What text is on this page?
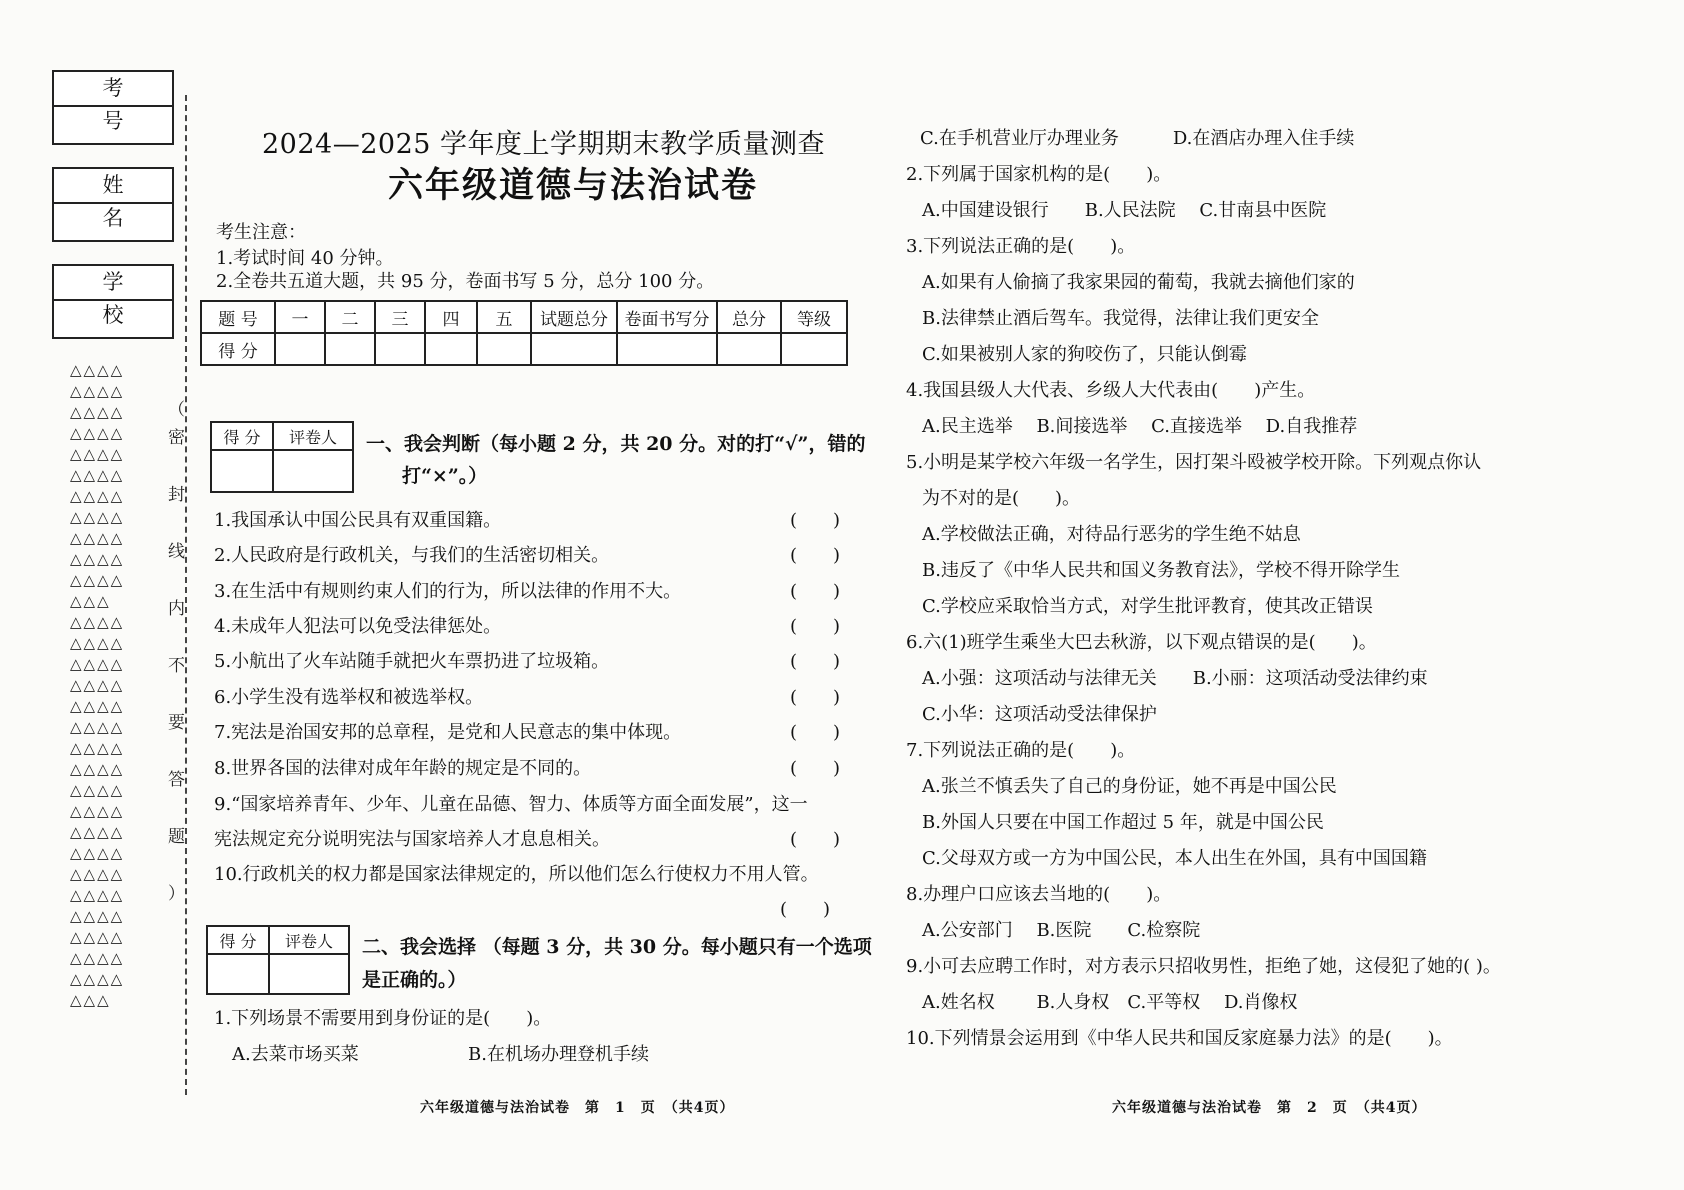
考号
姓名
学校
△△△△
△△△△
△△△△
△△△△
△△△△
△△△△
△△△△
△△△△
△△△△
△△△△
△△△△
△△△
△△△△
△△△△
△△△△
△△△△
△△△△
△△△△
△△△△
△△△△
△△△△
△△△△
△△△△
△△△△
△△△△
△△△△
△△△△
△△△△
△△△△
△△△△
△△△
（
密
封
线
内
不
要
答
题
）
2024—2025 学年度上学期期末教学质量测查
六年级道德与法治试卷
考生注意：
1.考试时间 40 分钟。
2.全卷共五道大题，共 95 分，卷面书写 5 分，总分 100 分。
题 号	一	二	三	四	五	试题总分	卷面书写分	总分	等级
得 分									
得 分	评卷人
	一、我会判断（每小题 2 分，共 20 分。对的打“√”，错的
打“×”。）
1.我国承认中国公民具有双重国籍。
2.人民政府是行政机关，与我们的生活密切相关。
3.在生活中有规则约束人们的行为，所以法律的作用不大。
4.未成年人犯法可以免受法律惩处。
5.小航出了火车站随手就把火车票扔进了垃圾箱。
6.小学生没有选举权和被选举权。
7.宪法是治国安邦的总章程，是党和人民意志的集中体现。
8.世界各国的法律对成年年龄的规定是不同的。
9.“国家培养青年、少年、儿童在品德、智力、体质等方面全面发展”，这一
宪法规定充分说明宪法与国家培养人才息息相关。
10.行政机关的权力都是国家法律规定的，所以他们怎么行使权力不用人管。
(　　)
(　　)
(　　)
(　　)
(　　)
(　　)
(　　)
(　　)
(　　)
(　　)
得 分	评卷人
	二、我会选择 （每题 3 分，共 30 分。每小题只有一个选项
是正确的。）
1.下列场景不需要用到身份证的是(　　)。
A.去菜市场买菜	B.在机场办理登机手续
六年级道德与法治试卷　第　1　页　（共4页）
C.在手机营业厅办理业务　　　D.在酒店办理入住手续
2.下列属于国家机构的是(　　)。
A.中国建设银行　　B.人民法院　 C.甘南县中医院
3.下列说法正确的是(　　)。
A.如果有人偷摘了我家果园的葡萄，我就去摘他们家的
B.法律禁止酒后驾车。我觉得，法律让我们更安全
C.如果被别人家的狗咬伤了，只能认倒霉
4.我国县级人大代表、乡级人大代表由(　　)产生。
A.民主选举　 B.间接选举　 C.直接选举　 D.自我推荐
5.小明是某学校六年级一名学生，因打架斗殴被学校开除。下列观点你认
为不对的是(　　)。
A.学校做法正确，对待品行恶劣的学生绝不姑息
B.违反了《中华人民共和国义务教育法》，学校不得开除学生
C.学校应采取恰当方式，对学生批评教育，使其改正错误
6.六(1)班学生乘坐大巴去秋游，以下观点错误的是(　　)。
A.小强：这项活动与法律无关　　B.小丽：这项活动受法律约束
C.小华：这项活动受法律保护
7.下列说法正确的是(　　)。
A.张兰不慎丢失了自己的身份证，她不再是中国公民
B.外国人只要在中国工作超过 5 年，就是中国公民
C.父母双方或一方为中国公民，本人出生在外国，具有中国国籍
8.办理户口应该去当地的(　　)。
A.公安部门　 B.医院　　C.检察院
9.小可去应聘工作时，对方表示只招收男性，拒绝了她，这侵犯了她的( )。
A.姓名权　　 B.人身权　C.平等权　 D.肖像权
10.下列情景会运用到《中华人民共和国反家庭暴力法》的是(　　)。
六年级道德与法治试卷　第　2　页　（共4页）
